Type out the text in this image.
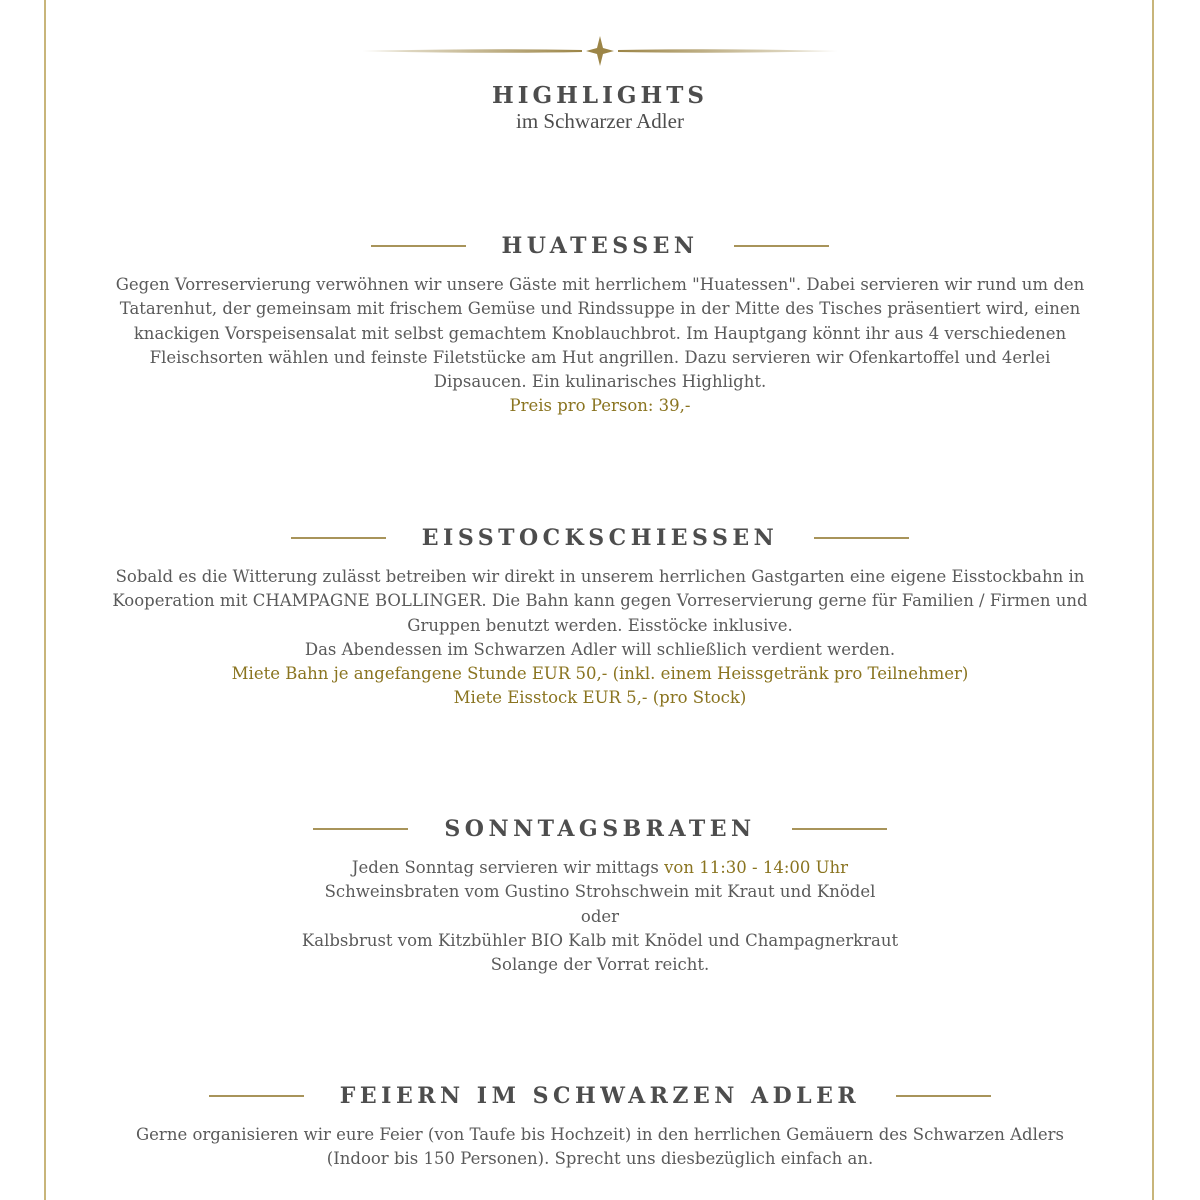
HIGHLIGHTS
im Schwarzer Adler
HUATESSEN

Gegen Vorreservierung verwöhnen wir unsere Gäste mit herrlichem "Huatessen". Dabei servieren wir rund um den

Tatarenhut, der gemeinsam mit frischem Gemüse und Rindssuppe in der Mitte des Tisches präsentiert wird, einen

knackigen Vorspeisensalat mit selbst gemachtem Knoblauchbrot. Im Hauptgang könnt ihr aus 4 verschiedenen

Fleischsorten wählen und feinste Filetstücke am Hut angrillen. Dazu servieren wir Ofenkartoffel und 4erlei

Dipsaucen. Ein kulinarisches Highlight.

Preis pro Person: 39,-

EISSTOCKSCHIESSEN

Sobald es die Witterung zulässt betreiben wir direkt in unserem herrlichen Gastgarten eine eigene Eisstockbahn in

Kooperation mit CHAMPAGNE BOLLINGER. Die Bahn kann gegen Vorreservierung gerne für Familien / Firmen und

Gruppen benutzt werden. Eisstöcke inklusive.

Das Abendessen im Schwarzen Adler will schließlich verdient werden.

Miete Bahn je angefangene Stunde EUR 50,- (inkl. einem Heissgetränk pro Teilnehmer)

Miete Eisstock EUR 5,- (pro Stock)

SONNTAGSBRATEN

Jeden Sonntag servieren wir mittags von 11:30 - 14:00 Uhr

Schweinsbraten vom Gustino Strohschwein mit Kraut und Knödel

oder

Kalbsbrust vom Kitzbühler BIO Kalb mit Knödel und Champagnerkraut

Solange der Vorrat reicht.

FEIERN IM SCHWARZEN ADLER

Gerne organisieren wir eure Feier (von Taufe bis Hochzeit) in den herrlichen Gemäuern des Schwarzen Adlers

(Indoor bis 150 Personen). Sprecht uns diesbezüglich einfach an.
